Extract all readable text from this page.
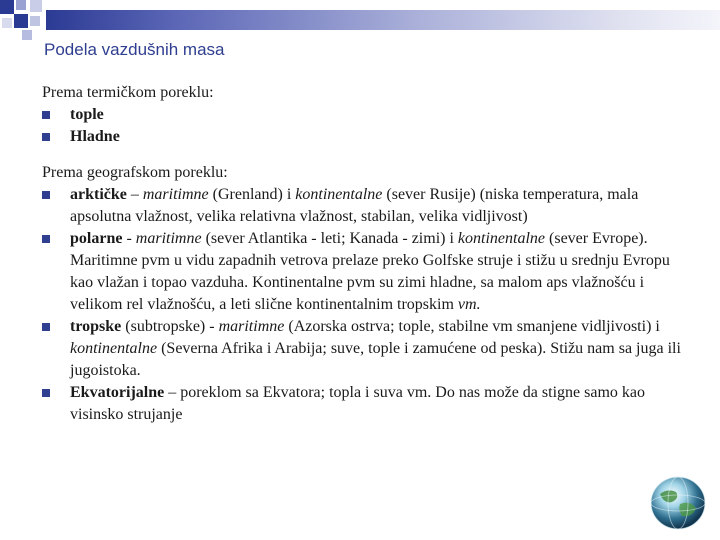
Podela vazdušnih masa

Prema termičkom poreklu:

tople

Hladne

Prema geografskom poreklu:

arktičke – maritimne (Grenland) i kontinentalne (sever Rusije) (niska temperatura, mala apsolutna vlažnost, velika relativna vlažnost, stabilan, velika vidljivost)

polarne - maritimne (sever Atlantika - leti; Kanada - zimi) i kontinentalne (sever Evrope). Maritimne pvm u vidu zapadnih vetrova prelaze preko Golfske struje i stižu u srednju Evropu kao vlažan i topao vazduha. Kontinentalne pvm su zimi hladne, sa malom aps vlažnošću i velikom rel vlažnošću, a leti slične kontinentalnim tropskim vm.

tropske (subtropske) - maritimne (Azorska ostrva; tople, stabilne vm smanjene vidljivosti) i kontinentalne (Severna Afrika i Arabija; suve, tople i zamućene od peska). Stižu nam sa juga ili jugoistoka.

Ekvatorijalne – poreklom sa Ekvatora; topla i suva vm. Do nas može da stigne samo kao visinsko strujanje
